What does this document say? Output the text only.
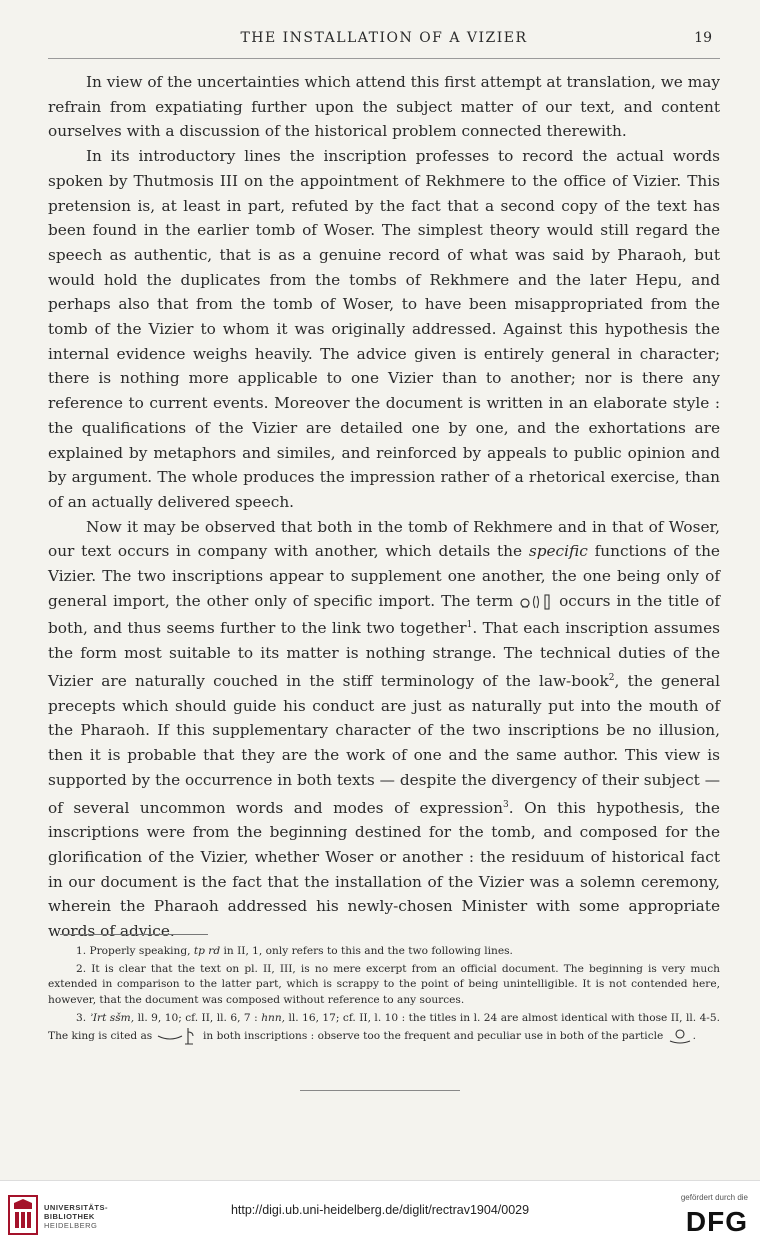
THE INSTALLATION OF A VIZIER	19

In view of the uncertainties which attend this first attempt at translation, we may refrain from expatiating further upon the subject matter of our text, and content ourselves with a discussion of the historical problem connected therewith.

In its introductory lines the inscription professes to record the actual words spoken by Thutmosis III on the appointment of Rekhmere to the office of Vizier. This pretension is, at least in part, refuted by the fact that a second copy of the text has been found in the earlier tomb of Woser. The simplest theory would still regard the speech as authentic, that is as a genuine record of what was said by Pharaoh, but would hold the duplicates from the tombs of Rekhmere and the later Hepu, and perhaps also that from the tomb of Woser, to have been misappropriated from the tomb of the Vizier to whom it was originally addressed. Against this hypothesis the internal evidence weighs heavily. The advice given is entirely general in character; there is nothing more applicable to one Vizier than to another; nor is there any reference to current events. Moreover the document is written in an elaborate style : the qualifications of the Vizier are detailed one by one, and the exhortations are explained by metaphors and similes, and reinforced by appeals to public opinion and by argument. The whole produces the impression rather of a rhetorical exercise, than of an actually delivered speech.

Now it may be observed that both in the tomb of Rekhmere and in that of Woser, our text occurs in company with another, which details the specific functions of the Vizier. The two inscriptions appear to supplement one another, the one being only of general import, the other only of specific import. The term	occurs in the title of both, and thus seems further to the link two together$^1$. That each inscription assumes the form most suitable to its matter is nothing strange. The technical duties of the Vizier are naturally couched in the stiff terminology of the law-book$^2$, the general precepts which should guide his conduct are just as naturally put into the mouth of the Pharaoh. If this supplementary character of the two inscriptions be no illusion, then it is probable that they are the work of one and the same author. This view is supported by the occurrence in both texts — despite the divergency of their subject — of several uncommon words and modes of expression$^3$. On this hypothesis, the inscriptions were from the beginning destined for the tomb, and composed for the glorification of the Vizier, whether Woser or another : the residuum of historical fact in our document is the fact that the installation of the Vizier was a solemn ceremony, wherein the Pharaoh addressed his newly-chosen Minister with some appropriate words of advice.

1. Properly speaking, tp rd in II, 1, only refers to this and the two following lines.

2. It is clear that the text on pl. II, III, is no mere excerpt from an official document. The beginning is very much extended in comparison to the latter part, which is scrappy to the point of being unintelligible. It is not contended here, however, that the document was composed without reference to any sources.

3. ʾIrt sšm, ll. 9, 10; cf. II, ll. 6, 7 : hnn, ll. 16, 17; cf. II, l. 10 : the titles in l. 24 are almost identical with those II, ll. 4-5. The king is cited as	in both inscriptions : observe too the frequent and peculiar use in both of the particle	.

UNIVERSITÄTS-
BIBLIOTHEK
HEIDELBERG
http://digi.ub.uni-heidelberg.de/diglit/rectrav1904/0029
gefördert durch die
DFG
